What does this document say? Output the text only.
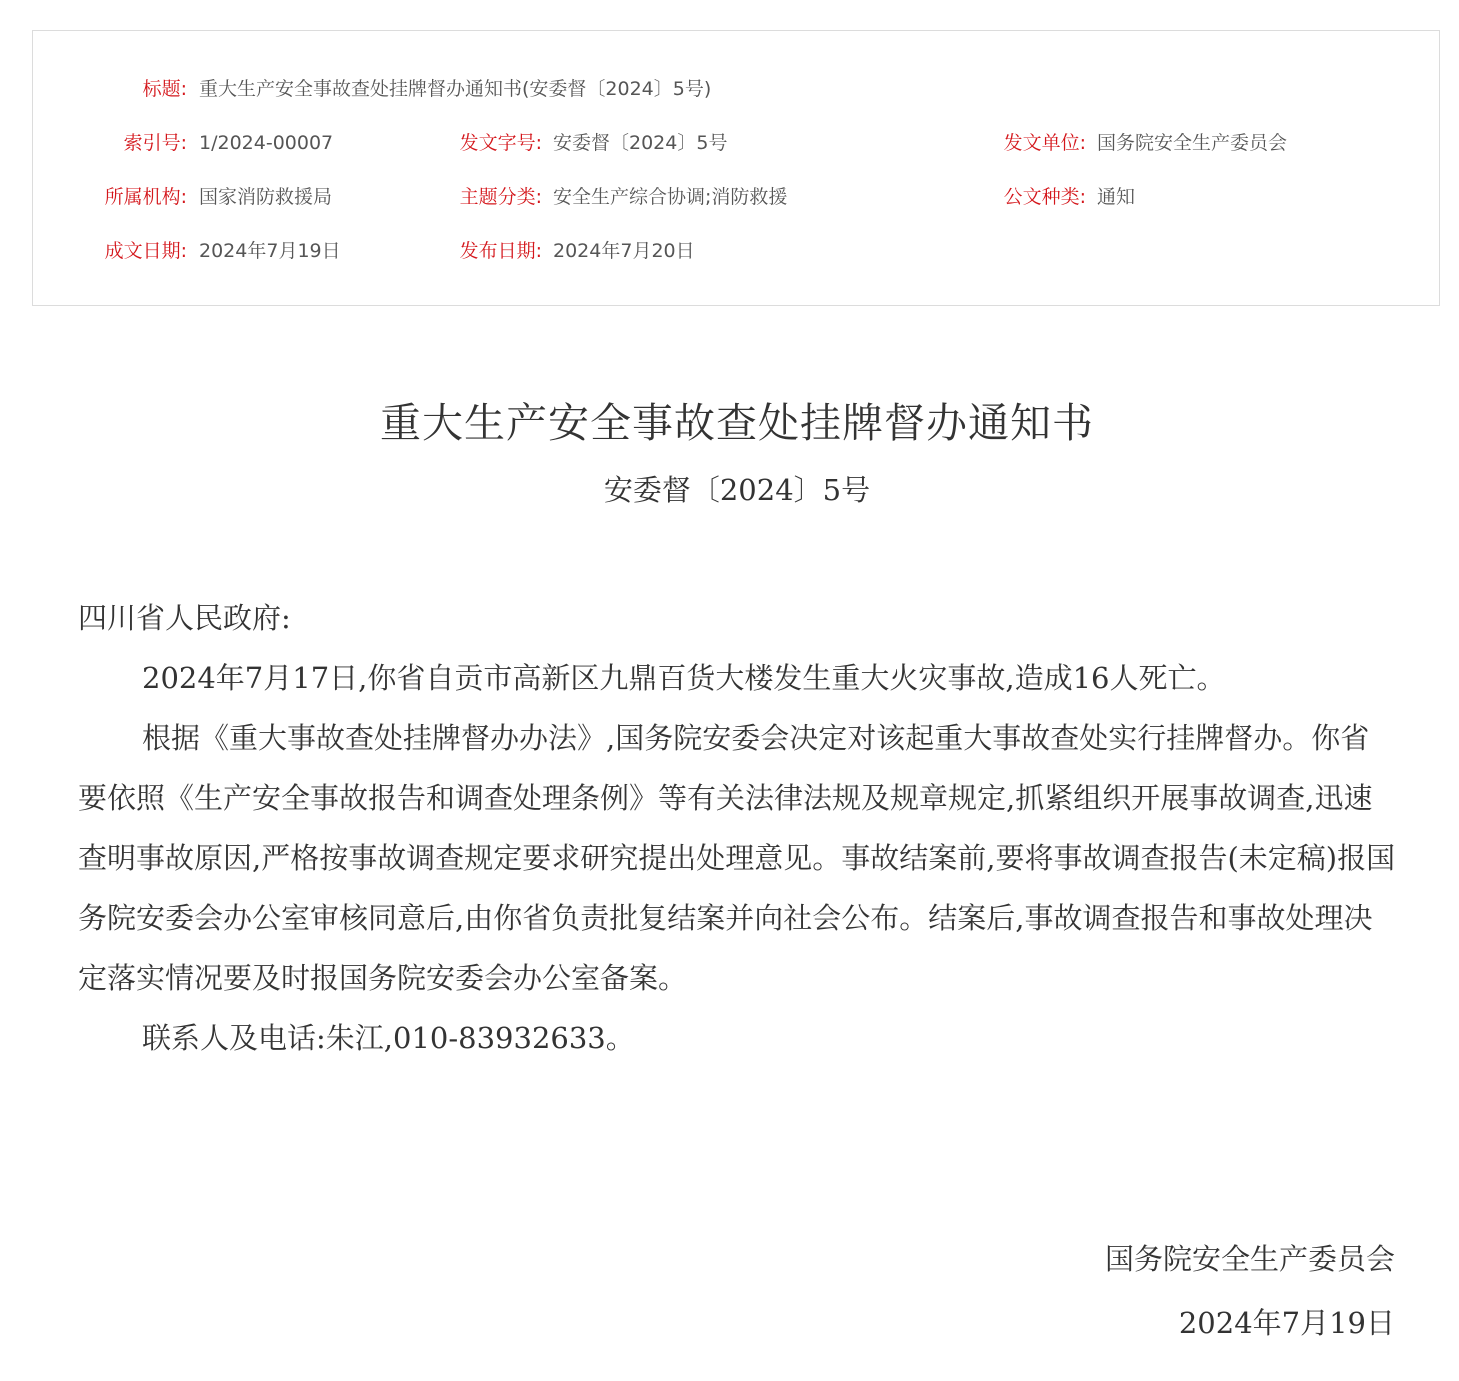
标题: 重大生产安全事故查处挂牌督办通知书(安委督〔2024〕5号)
索引号: 1/2024-00007	发文字号: 安委督〔2024〕5号	发文单位: 国务院安全生产委员会
所属机构: 国家消防救援局	主题分类: 安全生产综合协调;消防救援	公文种类: 通知
成文日期: 2024年7月19日	发布日期: 2024年7月20日
重大生产安全事故查处挂牌督办通知书
安委督〔2024〕5号

四川省人民政府:

2024年7月17日,你省自贡市高新区九鼎百货大楼发生重大火灾事故,造成16人死亡。

根据《重大事故查处挂牌督办办法》,国务院安委会决定对该起重大事故查处实行挂牌督办。你省要依照《生产安全事故报告和调查处理条例》等有关法律法规及规章规定,抓紧组织开展事故调查,迅速查明事故原因,严格按事故调查规定要求研究提出处理意见。事故结案前,要将事故调查报告(未定稿)报国务院安委会办公室审核同意后,由你省负责批复结案并向社会公布。结案后,事故调查报告和事故处理决定落实情况要及时报国务院安委会办公室备案。

联系人及电话:朱江,010-83932633。

国务院安全生产委员会
2024年7月19日
